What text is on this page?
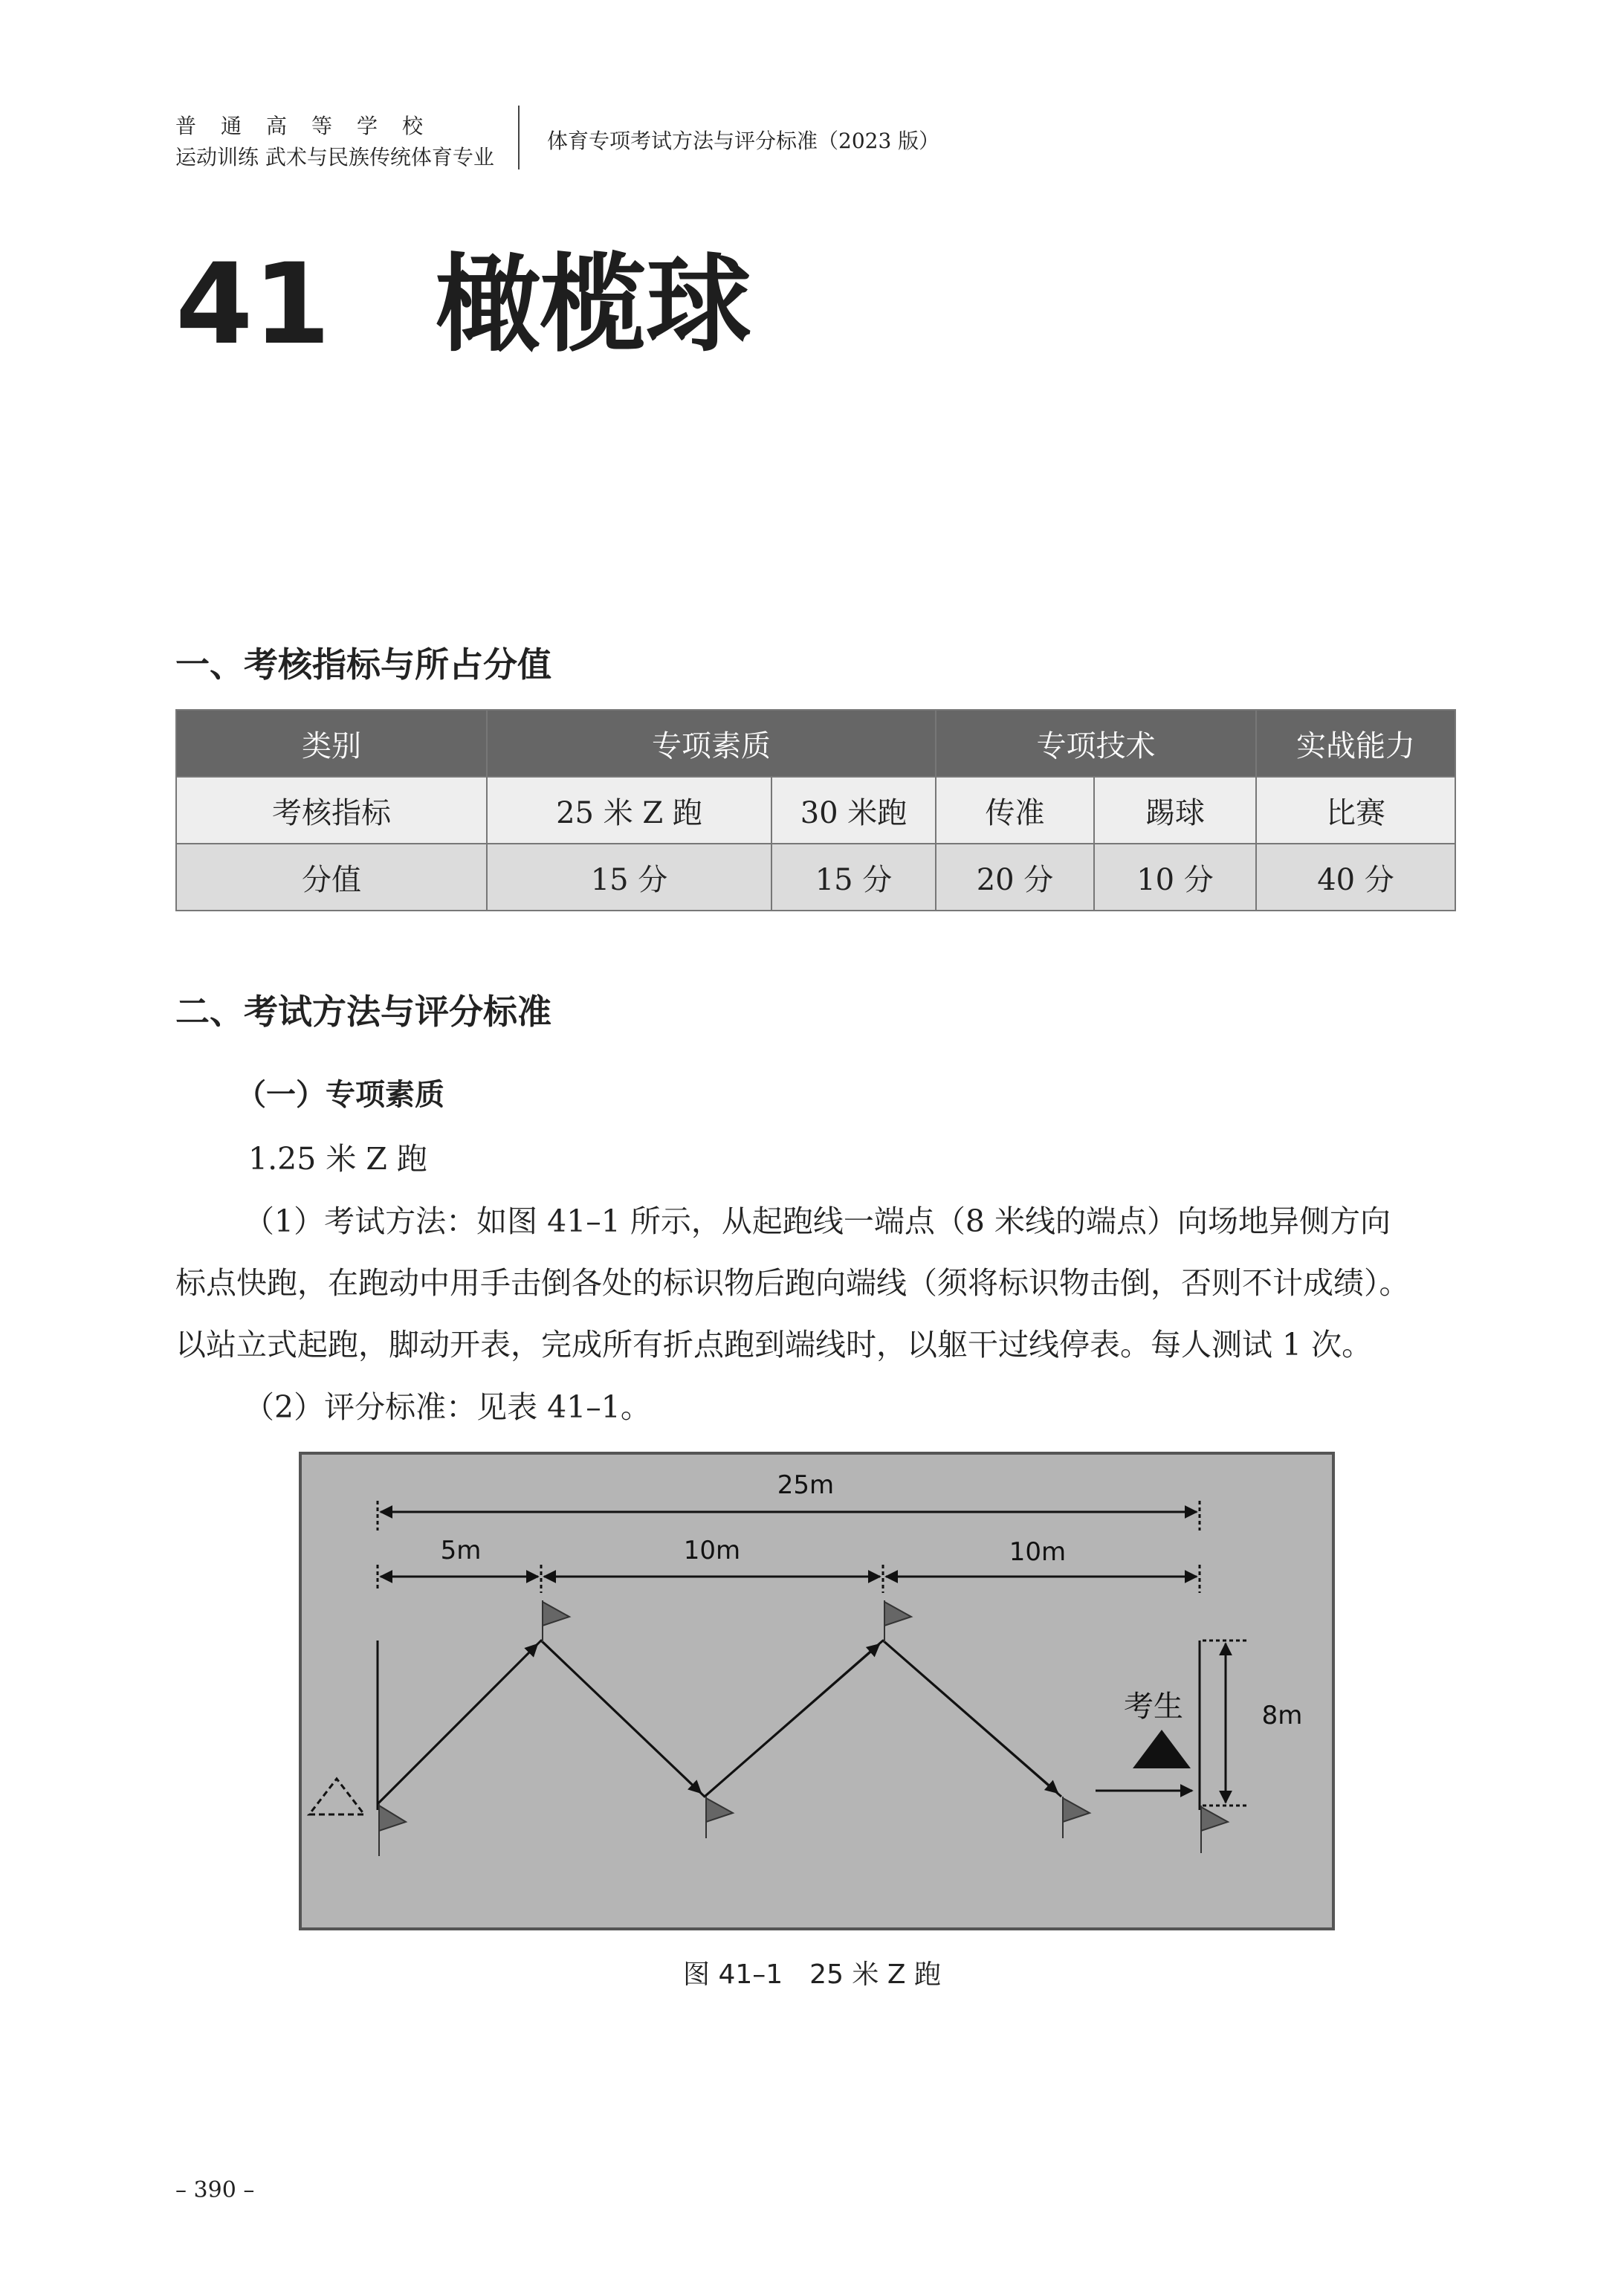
普通高等学校
运动训练 武术与民族传统体育专业
体育专项考试方法与评分标准（2023 版）
41 橄榄球
一、考核指标与所占分值
类别	专项素质		专项技术		实战能力
考核指标	25 米 Z 跑	30 米跑	传准	踢球	比赛
分值	15 分	15 分	20 分	10 分	40 分
二、考试方法与评分标准
（一）专项素质
1.25 米 Z 跑
（1）考试方法：如图 41–1 所示，从起跑线一端点（8 米线的端点）向场地异侧方向
标点快跑，在跑动中用手击倒各处的标识物后跑向端线（须将标识物击倒，否则不计成绩）。
以站立式起跑，脚动开表，完成所有折点跑到端线时，以躯干过线停表。每人测试 1 次。
（2）评分标准：见表 41–1。
25m
5m	10m	10m
8m
考生
图 41–1　25 米 Z 跑
– 390 –
